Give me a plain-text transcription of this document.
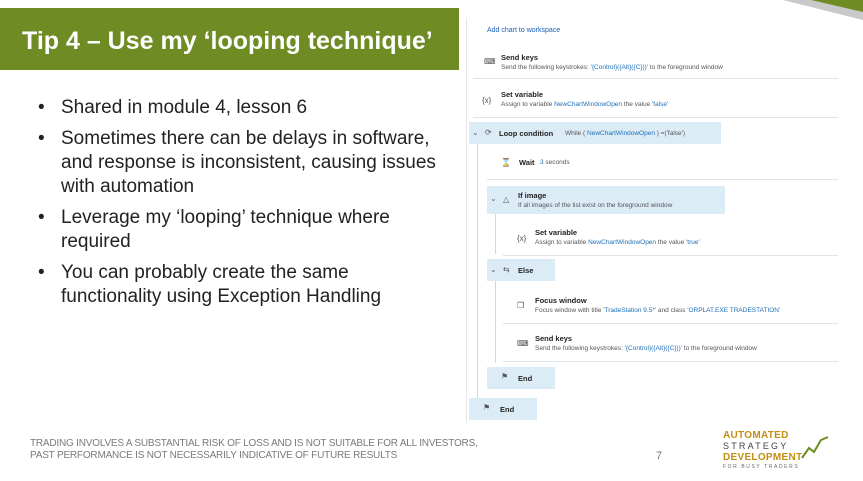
Tip 4 – Use my ‘looping technique’
• Shared in module 4, lesson 6
• Sometimes there can be delays in software, and response is inconsistent, causing issues with automation
• Leverage my ‘looping’ technique where required
• You can probably create the same functionality using Exception Handling
Add chart to workspace
⌨ Send keys
Send the following keystrokes: '{Control}({Alt}({C}))' to the foreground window
{x}
Set variable
Assign to variable NewChartWindowOpen the value 'false'
⌄ ⟳ Loop condition While ( NewChartWindowOpen ) =('false')
⌛ Wait 3 seconds
⌄ △ If image
If all images of the list exist on the foreground window
{x}
Set variable
Assign to variable NewChartWindowOpen the value 'true'
⌄ ⇆ Else
❐
Focus window
Focus window with title 'TradeStation 9.5*' and class 'ORPLAT.EXE TRADESTATION'
⌨
Send keys
Send the following keystrokes: '{Control}({Alt}({C}))' to the foreground window
⚑ End
⚑ End
TRADING INVOLVES A SUBSTANTIAL RISK OF LOSS AND IS NOT SUITABLE FOR ALL INVESTORS,
PAST PERFORMANCE IS NOT NECESSARILY INDICATIVE OF FUTURE RESULTS	7
AUTOMATED
STRATEGY
DEVELOPMENT
FOR BUSY TRADERS
